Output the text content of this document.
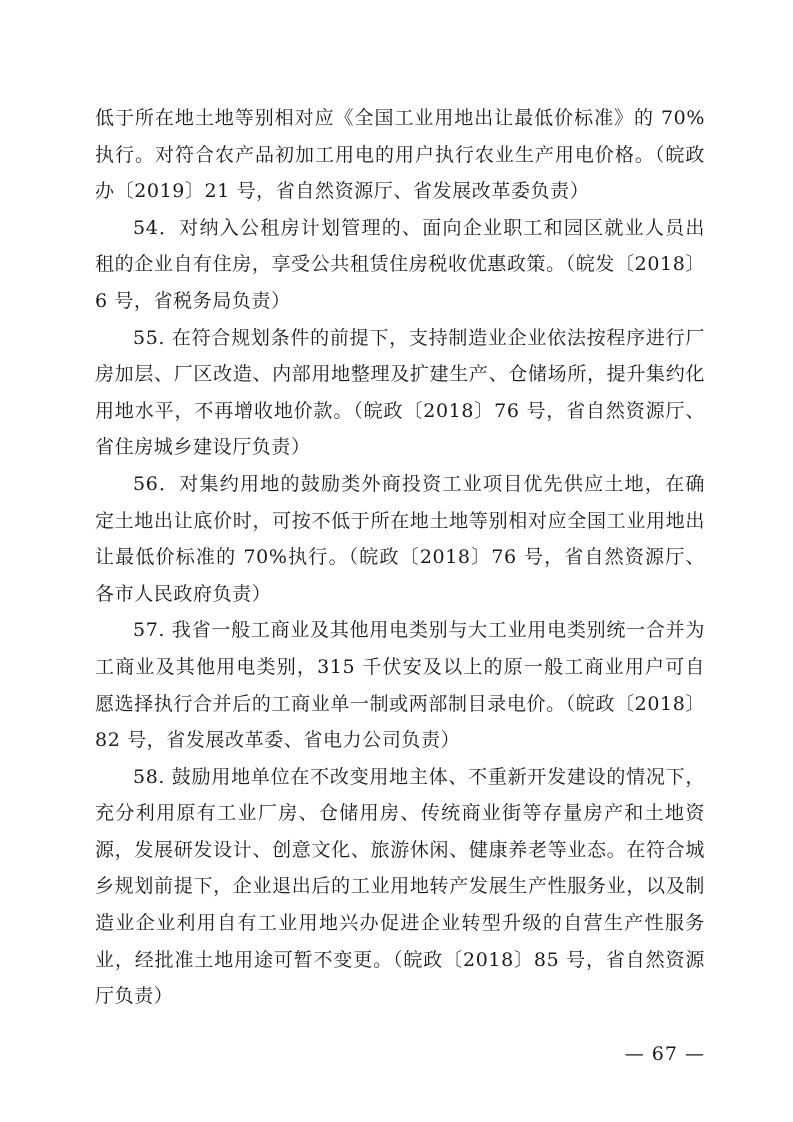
低于所在地土地等别相对应《全国工业用地出让最低价标准》的 70%执行。对符合农产品初加工用电的用户执行农业生产用电价格。（皖政办〔2019〕21 号，省自然资源厅、省发展改革委负责）

54．对纳入公租房计划管理的、面向企业职工和园区就业人员出租的企业自有住房，享受公共租赁住房税收优惠政策。（皖发〔2018〕6 号，省税务局负责）

55. 在符合规划条件的前提下，支持制造业企业依法按程序进行厂房加层、厂区改造、内部用地整理及扩建生产、仓储场所，提升集约化用地水平，不再增收地价款。（皖政〔2018〕76 号，省自然资源厅、省住房城乡建设厅负责）

56．对集约用地的鼓励类外商投资工业项目优先供应土地，在确定土地出让底价时，可按不低于所在地土地等别相对应全国工业用地出让最低价标准的 70%执行。（皖政〔2018〕76 号，省自然资源厅、各市人民政府负责）

57. 我省一般工商业及其他用电类别与大工业用电类别统一合并为工商业及其他用电类别，315 千伏安及以上的原一般工商业用户可自愿选择执行合并后的工商业单一制或两部制目录电价。（皖政〔2018〕82 号，省发展改革委、省电力公司负责）

58. 鼓励用地单位在不改变用地主体、不重新开发建设的情况下，充分利用原有工业厂房、仓储用房、传统商业街等存量房产和土地资源，发展研发设计、创意文化、旅游休闲、健康养老等业态。在符合城乡规划前提下，企业退出后的工业用地转产发展生产性服务业，以及制造业企业利用自有工业用地兴办促进企业转型升级的自营生产性服务业，经批准土地用途可暂不变更。（皖政〔2018〕85 号，省自然资源厅负责）

— 67 —
